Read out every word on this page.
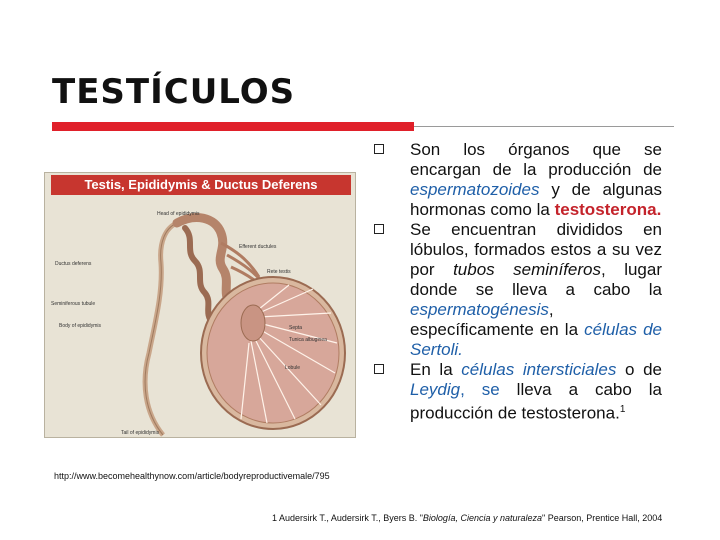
TESTÍCULOS
Head of epididymis
Efferent ductules
Ductus deferens
Rete testis
Seminiferous tubule
Body of epididymis	Septa
Tunica albuginea
Lobule
Tail of epididymis
Testis, Epididymis & Ductus Deferens
Son los órganos que se encargan de la producción de espermatozoides y de algunas hormonas como la testosterona.
Se encuentran divididos en lóbulos, formados estos a su vez por tubos seminíferos, lugar donde se lleva a cabo la espermatogénesis, específicamente en la células de Sertoli.
En la células intersticiales o de Leydig, se lleva a cabo la producción de testosterona.$^1$
http://www.becomehealthynow.com/article/bodyreproductivemale/795
1 Audersirk T., Audersirk T., Byers B. "Biología, Ciencia y naturaleza" Pearson, Prentice Hall, 2004
